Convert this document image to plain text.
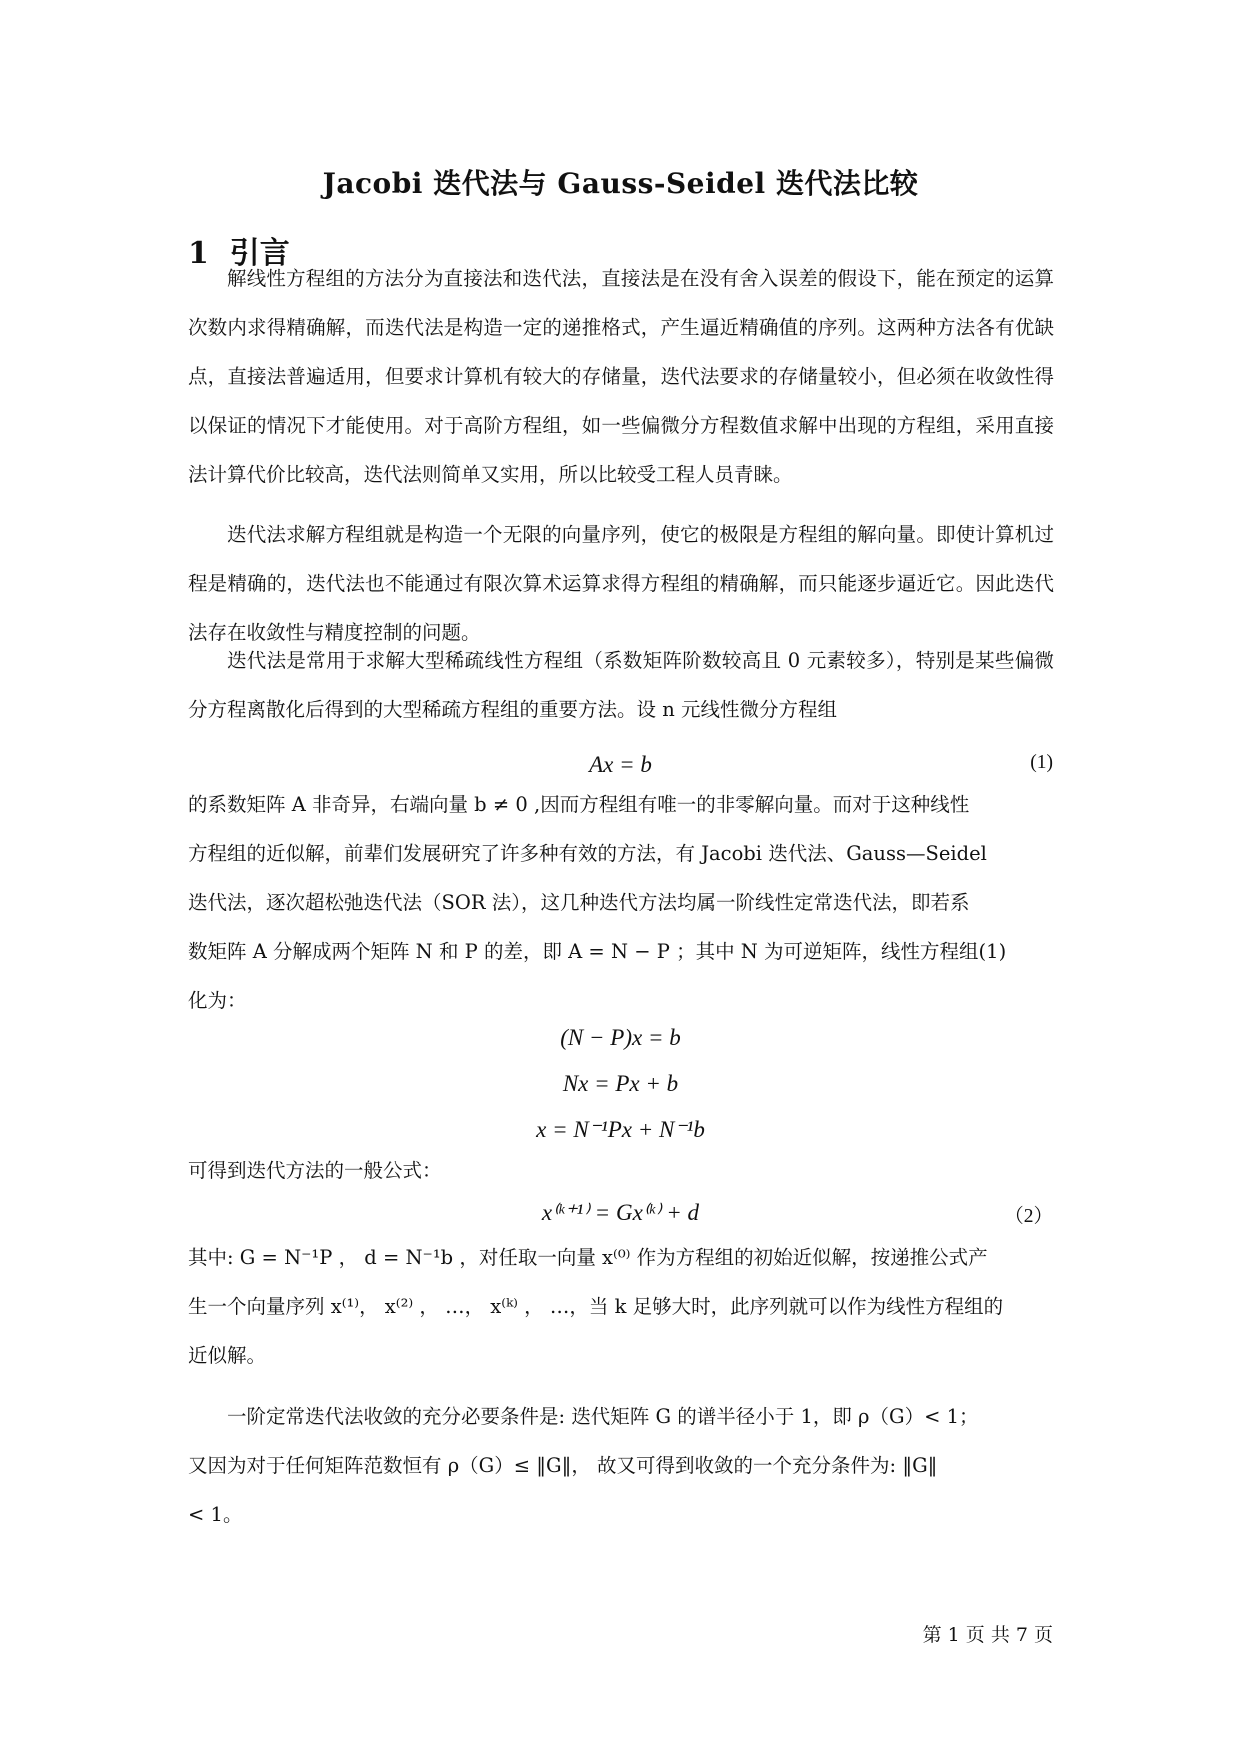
Jacobi 迭代法与 Gauss-Seidel 迭代法比较
1 引言
解线性方程组的方法分为直接法和迭代法，直接法是在没有舍入误差的假设下，能在预定的运算次数内求得精确解，而迭代法是构造一定的递推格式，产生逼近精确值的序列。这两种方法各有优缺点，直接法普遍适用，但要求计算机有较大的存储量，迭代法要求的存储量较小，但必须在收敛性得以保证的情况下才能使用。对于高阶方程组，如一些偏微分方程数值求解中出现的方程组，采用直接法计算代价比较高，迭代法则简单又实用，所以比较受工程人员青睐。
迭代法求解方程组就是构造一个无限的向量序列，使它的极限是方程组的解向量。即使计算机过程是精确的，迭代法也不能通过有限次算术运算求得方程组的精确解，而只能逐步逼近它。因此迭代法存在收敛性与精度控制的问题。
迭代法是常用于求解大型稀疏线性方程组（系数矩阵阶数较高且 0 元素较多），特别是某些偏微分方程离散化后得到的大型稀疏方程组的重要方法。设 n 元线性微分方程组
Ax = b	(1)
的系数矩阵 A 非奇异，右端向量 b ≠ 0 ,因而方程组有唯一的非零解向量。而对于这种线性
方程组的近似解，前辈们发展研究了许多种有效的方法，有 Jacobi 迭代法、Gauss—Seidel
迭代法，逐次超松弛迭代法（SOR 法），这几种迭代方法均属一阶线性定常迭代法，即若系
数矩阵 A 分解成两个矩阵 N 和 P 的差，即 A = N − P ；其中 N 为可逆矩阵，线性方程组(1)
化为：
(N − P)x = b
Nx = Px + b
x = N⁻¹Px + N⁻¹b
可得到迭代方法的一般公式：
x⁽ᵏ⁺¹⁾ = Gx⁽ᵏ⁾ + d	（2）
其中: G = N⁻¹P ， d = N⁻¹b ，对任取一向量 x⁽⁰⁾ 作为方程组的初始近似解，按递推公式产
生一个向量序列 x⁽¹⁾， x⁽²⁾ ， …， x⁽ᵏ⁾ ， …，当 k 足够大时，此序列就可以作为线性方程组的
近似解。
一阶定常迭代法收敛的充分必要条件是: 迭代矩阵 G 的谱半径小于 1，即 ρ（G）< 1；
又因为对于任何矩阵范数恒有 ρ（G）≤ ‖G‖， 故又可得到收敛的一个充分条件为: ‖G‖
< 1。
第 1 页 共 7 页
